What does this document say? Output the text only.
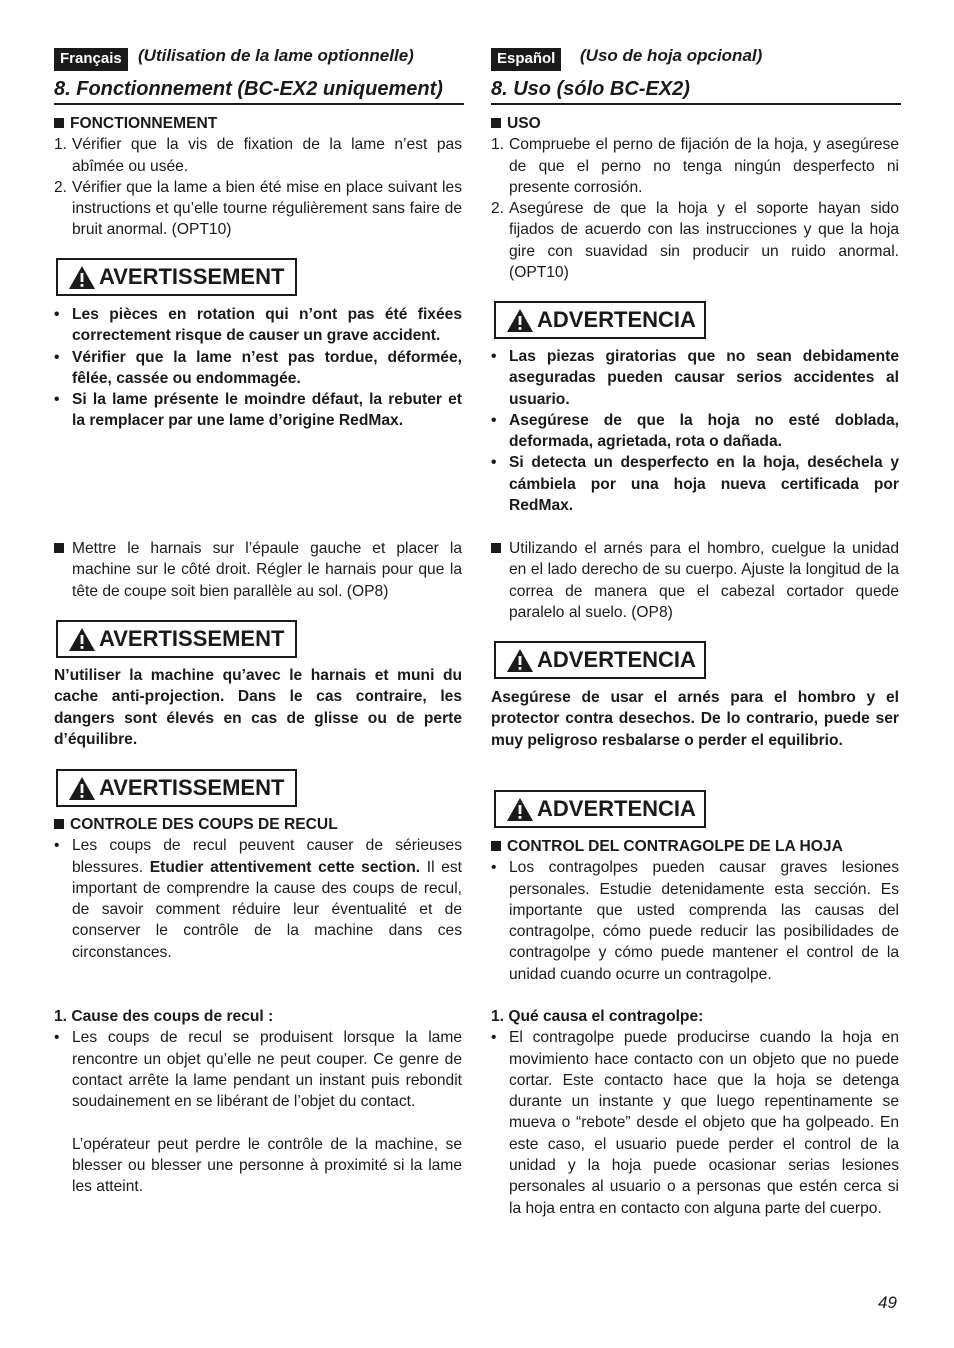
Français (Utilisation de la lame optionnelle)
8. Fonctionnement (BC-EX2 uniquement)
Español	(Uso de hoja opcional)
8. Uso (sólo BC-EX2)

FONCTIONNEMENT

1. Vérifier que la vis de fixation de la lame n’est pas abîmée ou usée.

2. Vérifier que la lame a bien été mise en place suivant les instructions et qu’elle tourne régulièrement sans faire de bruit anormal. (OPT10)

AVERTISSEMENT

• Les pièces en rotation qui n’ont pas été fixées correctement risque de causer un grave accident.

• Vérifier que la lame n’est pas tordue, déformée, fêlée, cassée ou endommagée.

• Si la lame présente le moindre défaut, la rebuter et la remplacer par une lame d’origine RedMax.

Mettre le harnais sur l’épaule gauche et placer la machine sur le côté droit. Régler le harnais pour que la tête de coupe soit bien parallèle au sol. (OP8)

AVERTISSEMENT
N’utiliser la machine qu’avec le harnais et muni du cache anti-projection. Dans le cas contraire, les dangers sont élevés en cas de glisse ou de perte d’équilibre.
AVERTISSEMENT

CONTROLE DES COUPS DE RECUL

• Les coups de recul peuvent causer de sérieuses blessures. Etudier attentivement cette section. Il est important de comprendre la cause des coups de recul, de savoir comment réduire leur éventualité et de conserver le contrôle de la machine dans ces circonstances.

1. Cause des coups de recul :

• Les coups de recul se produisent lorsque la lame rencontre un objet qu’elle ne peut couper. Ce genre de contact arrête la lame pendant un instant puis rebondit soudainement en se libérant de l’objet du contact.

L’opérateur peut perdre le contrôle de la machine, se blesser ou blesser une personne à proximité si la lame les atteint.

USO

1. Compruebe el perno de fijación de la hoja, y asegúrese de que el perno no tenga ningún desperfecto ni presente corrosión.

2. Asegúrese de que la hoja y el soporte hayan sido fijados de acuerdo con las instrucciones y que la hoja gire con suavidad sin producir un ruido anormal. (OPT10)

ADVERTENCIA

• Las piezas giratorias que no sean debidamente aseguradas pueden causar serios accidentes al usuario.

• Asegúrese de que la hoja no esté doblada, deformada, agrietada, rota o dañada.

• Si detecta un desperfecto en la hoja, deséchela y cámbiela por una hoja nueva certificada por RedMax.

Utilizando el arnés para el hombro, cuelgue la unidad en el lado derecho de su cuerpo. Ajuste la longitud de la correa de manera que el cabezal cortador quede paralelo al suelo. (OP8)

ADVERTENCIA
Asegúrese de usar el arnés para el hombro y el protector contra desechos. De lo contrario, puede ser muy peligroso resbalarse o perder el equilibrio.
ADVERTENCIA

CONTROL DEL CONTRAGOLPE DE LA HOJA

• Los contragolpes pueden causar graves lesiones personales. Estudie detenidamente esta sección. Es importante que usted comprenda las causas del contragolpe, cómo puede reducir las posibilidades de contragolpe y cómo puede mantener el control de la unidad cuando ocurre un contragolpe.

1. Qué causa el contragolpe:

• El contragolpe puede producirse cuando la hoja en movimiento hace contacto con un objeto que no puede cortar. Este contacto hace que la hoja se detenga durante un instante y que luego repentinamente se mueva o “rebote” desde el objeto que ha golpeado. En este caso, el usuario puede perder el control de la unidad y la hoja puede ocasionar serias lesiones personales al usuario o a personas que estén cerca si la hoja entra en contacto con alguna parte del cuerpo.

49
